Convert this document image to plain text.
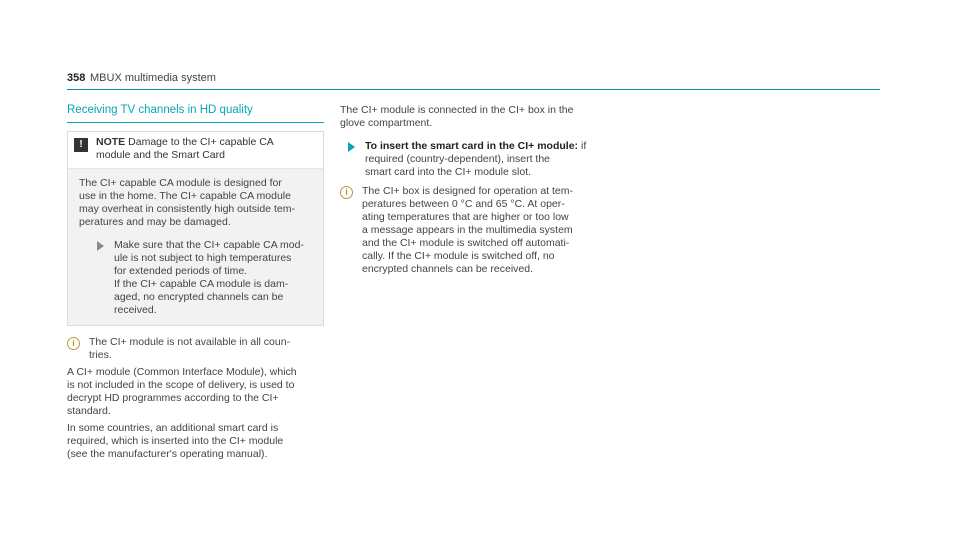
358 MBUX multimedia system
Receiving TV channels in HD quality
!	NOTE Damage to the CI+ capable CA
module and the Smart Card

The CI+ capable CA module is designed for
use in the home. The CI+ capable CA module
may overheat in consistently high outside tem-
peratures and may be damaged.

Make sure that the CI+ capable CA mod-
ule is not subject to high temperatures
for extended periods of time.
If the CI+ capable CA module is dam-
aged, no encrypted channels can be
received.
i	The CI+ module is not available in all coun-
tries.
A CI+ module (Common Interface Module), which
is not included in the scope of delivery, is used to
decrypt HD programmes according to the CI+
standard.
In some countries, an additional smart card is
required, which is inserted into the CI+ module
(see the manufacturer's operating manual).
The CI+ module is connected in the CI+ box in the
glove compartment.
To insert the smart card in the CI+ module: if
required (country-dependent), insert the
smart card into the CI+ module slot.
i	The CI+ box is designed for operation at tem-
peratures between 0 °C and 65 °C. At oper-
ating temperatures that are higher or too low
a message appears in the multimedia system
and the CI+ module is switched off automati-
cally. If the CI+ module is switched off, no
encrypted channels can be received.
